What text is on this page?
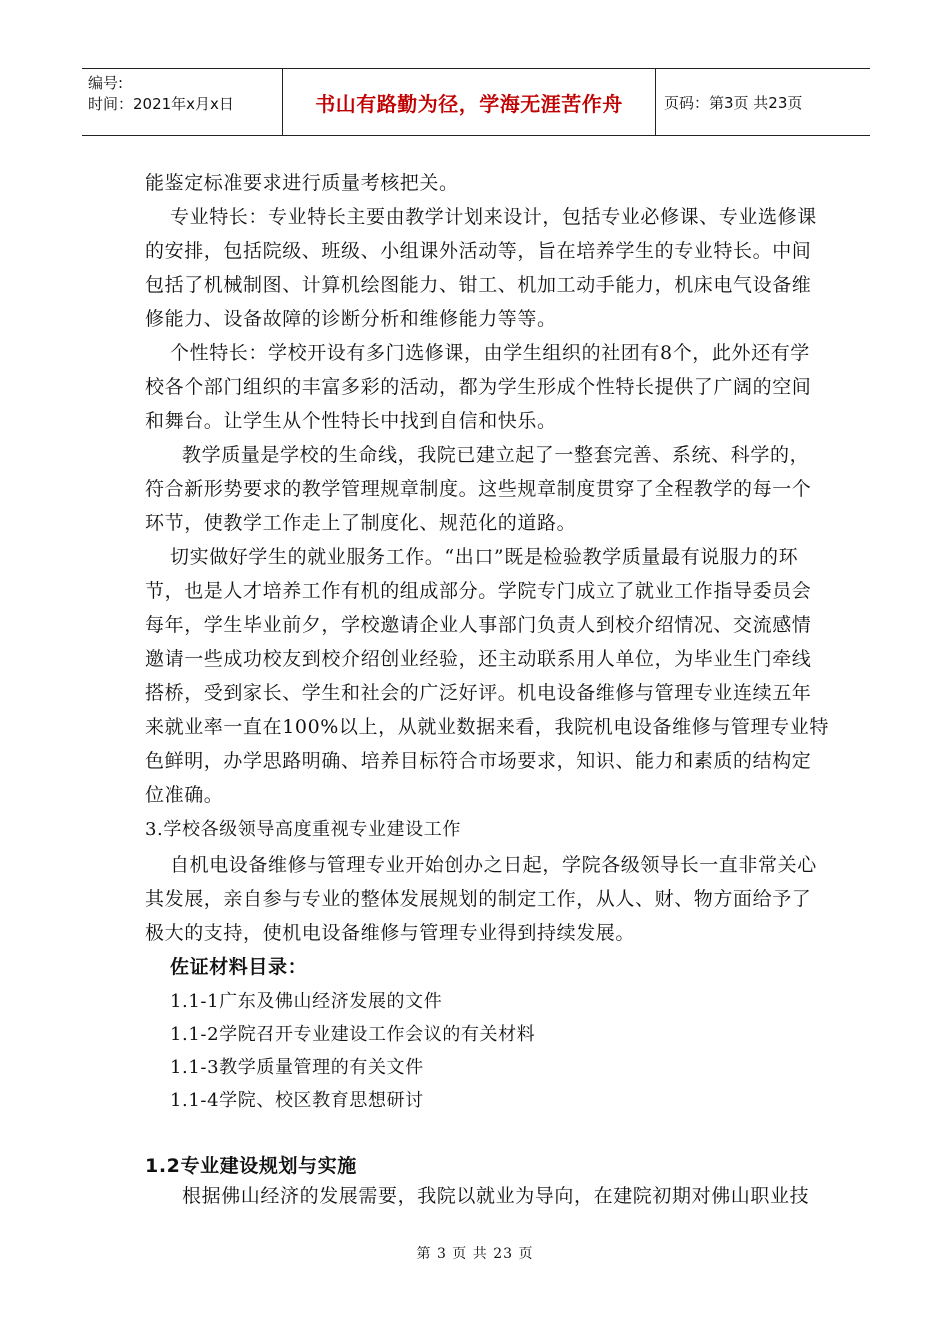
编号:
时间：2021年x月x日	书山有路勤为径，学海无涯苦作舟	页码：第3页 共23页
能鉴定标准要求进行质量考核把关。
专业特长：专业特长主要由教学计划来设计，包括专业必修课、专业选修课
的安排，包括院级、班级、小组课外活动等，旨在培养学生的专业特长。中间
包括了机械制图、计算机绘图能力、钳工、机加工动手能力，机床电气设备维
修能力、设备故障的诊断分析和维修能力等等。
个性特长：学校开设有多门选修课，由学生组织的社团有8个，此外还有学
校各个部门组织的丰富多彩的活动，都为学生形成个性特长提供了广阔的空间
和舞台。让学生从个性特长中找到自信和快乐。
教学质量是学校的生命线，我院已建立起了一整套完善、系统、科学的，
符合新形势要求的教学管理规章制度。这些规章制度贯穿了全程教学的每一个
环节，使教学工作走上了制度化、规范化的道路。
切实做好学生的就业服务工作。“出口”既是检验教学质量最有说服力的环
节，也是人才培养工作有机的组成部分。学院专门成立了就业工作指导委员会
每年，学生毕业前夕，学校邀请企业人事部门负责人到校介绍情况、交流感情
邀请一些成功校友到校介绍创业经验，还主动联系用人单位，为毕业生门牵线
搭桥，受到家长、学生和社会的广泛好评。机电设备维修与管理专业连续五年
来就业率一直在100%以上，从就业数据来看，我院机电设备维修与管理专业特
色鲜明，办学思路明确、培养目标符合市场要求，知识、能力和素质的结构定
位准确。
3.学校各级领导高度重视专业建设工作
自机电设备维修与管理专业开始创办之日起，学院各级领导长一直非常关心
其发展，亲自参与专业的整体发展规划的制定工作，从人、财、物方面给予了
极大的支持，使机电设备维修与管理专业得到持续发展。
佐证材料目录：
1.1-1广东及佛山经济发展的文件
1.1-2学院召开专业建设工作会议的有关材料
1.1-3教学质量管理的有关文件
1.1-4学院、校区教育思想研讨
1.2专业建设规划与实施
根据佛山经济的发展需要，我院以就业为导向，在建院初期对佛山职业技
第 3 页 共 23 页
